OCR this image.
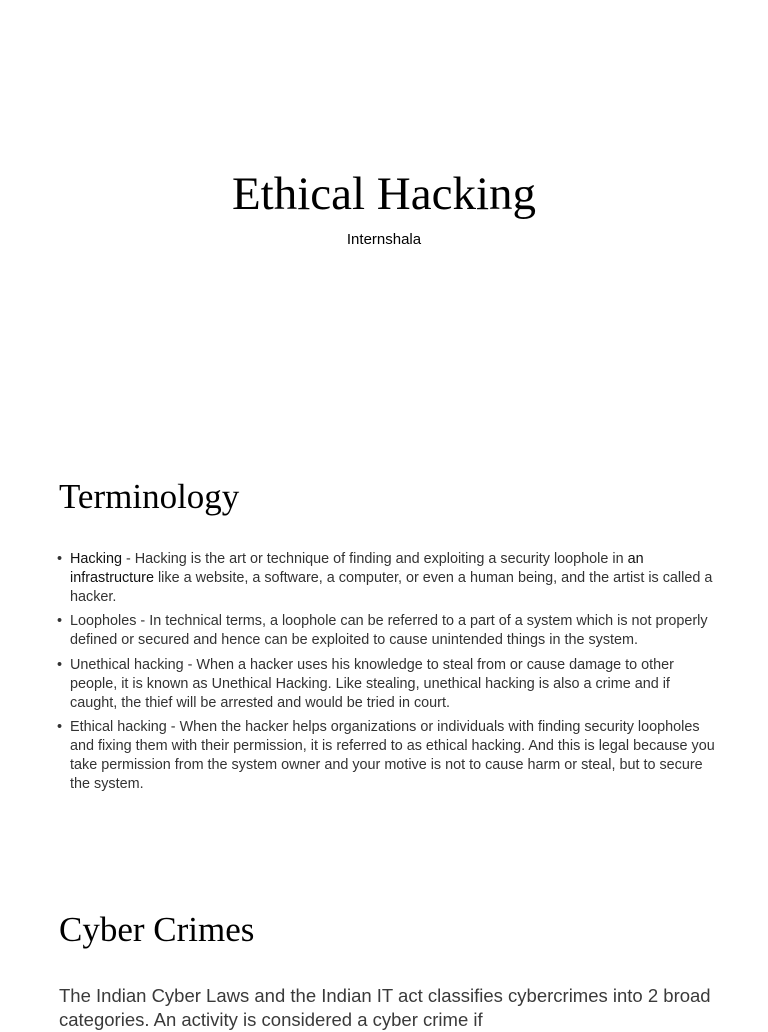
Ethical Hacking
Internshala
Terminology
• Hacking - Hacking is the art or technique of finding and exploiting a security loophole in an infrastructure like a website, a software, a computer, or even a human being, and the artist is called a hacker.
• Loopholes - In technical terms, a loophole can be referred to a part of a system which is not properly defined or secured and hence can be exploited to cause unintended things in the system.
• Unethical hacking - When a hacker uses his knowledge to steal from or cause damage to other people, it is known as Unethical Hacking. Like stealing, unethical hacking is also a crime and if caught, the thief will be arrested and would be tried in court.
• Ethical hacking - When the hacker helps organizations or individuals with finding security loopholes and fixing them with their permission, it is referred to as ethical hacking. And this is legal because you take permission from the system owner and your motive is not to cause harm or steal, but to secure the system.
Cyber Crimes
The Indian Cyber Laws and the Indian IT act classifies cybercrimes into 2 broad categories. An activity is considered a cyber crime if
